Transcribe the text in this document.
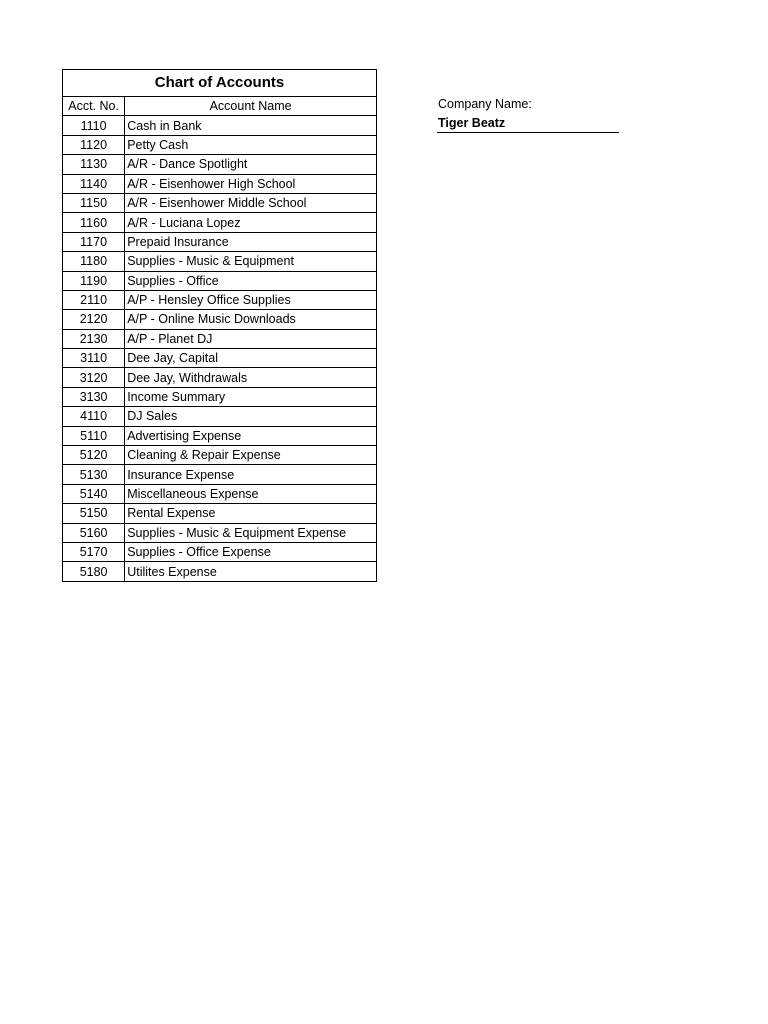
Chart of Accounts	
Acct. No.	Account Name
1110	Cash in Bank
1120	Petty Cash
1130	A/R - Dance Spotlight
1140	A/R - Eisenhower High School
1150	A/R - Eisenhower Middle School
1160	A/R - Luciana Lopez
1170	Prepaid Insurance
1180	Supplies - Music & Equipment
1190	Supplies - Office
2110	A/P - Hensley Office Supplies
2120	A/P - Online Music Downloads
2130	A/P - Planet DJ
3110	Dee Jay, Capital
3120	Dee Jay, Withdrawals
3130	Income Summary
4110	DJ Sales
5110	Advertising Expense
5120	Cleaning & Repair Expense
5130	Insurance Expense
5140	Miscellaneous Expense
5150	Rental Expense
5160	Supplies - Music & Equipment Expense
5170	Supplies - Office Expense
5180	Utilites Expense
Company Name:
Tiger Beatz
